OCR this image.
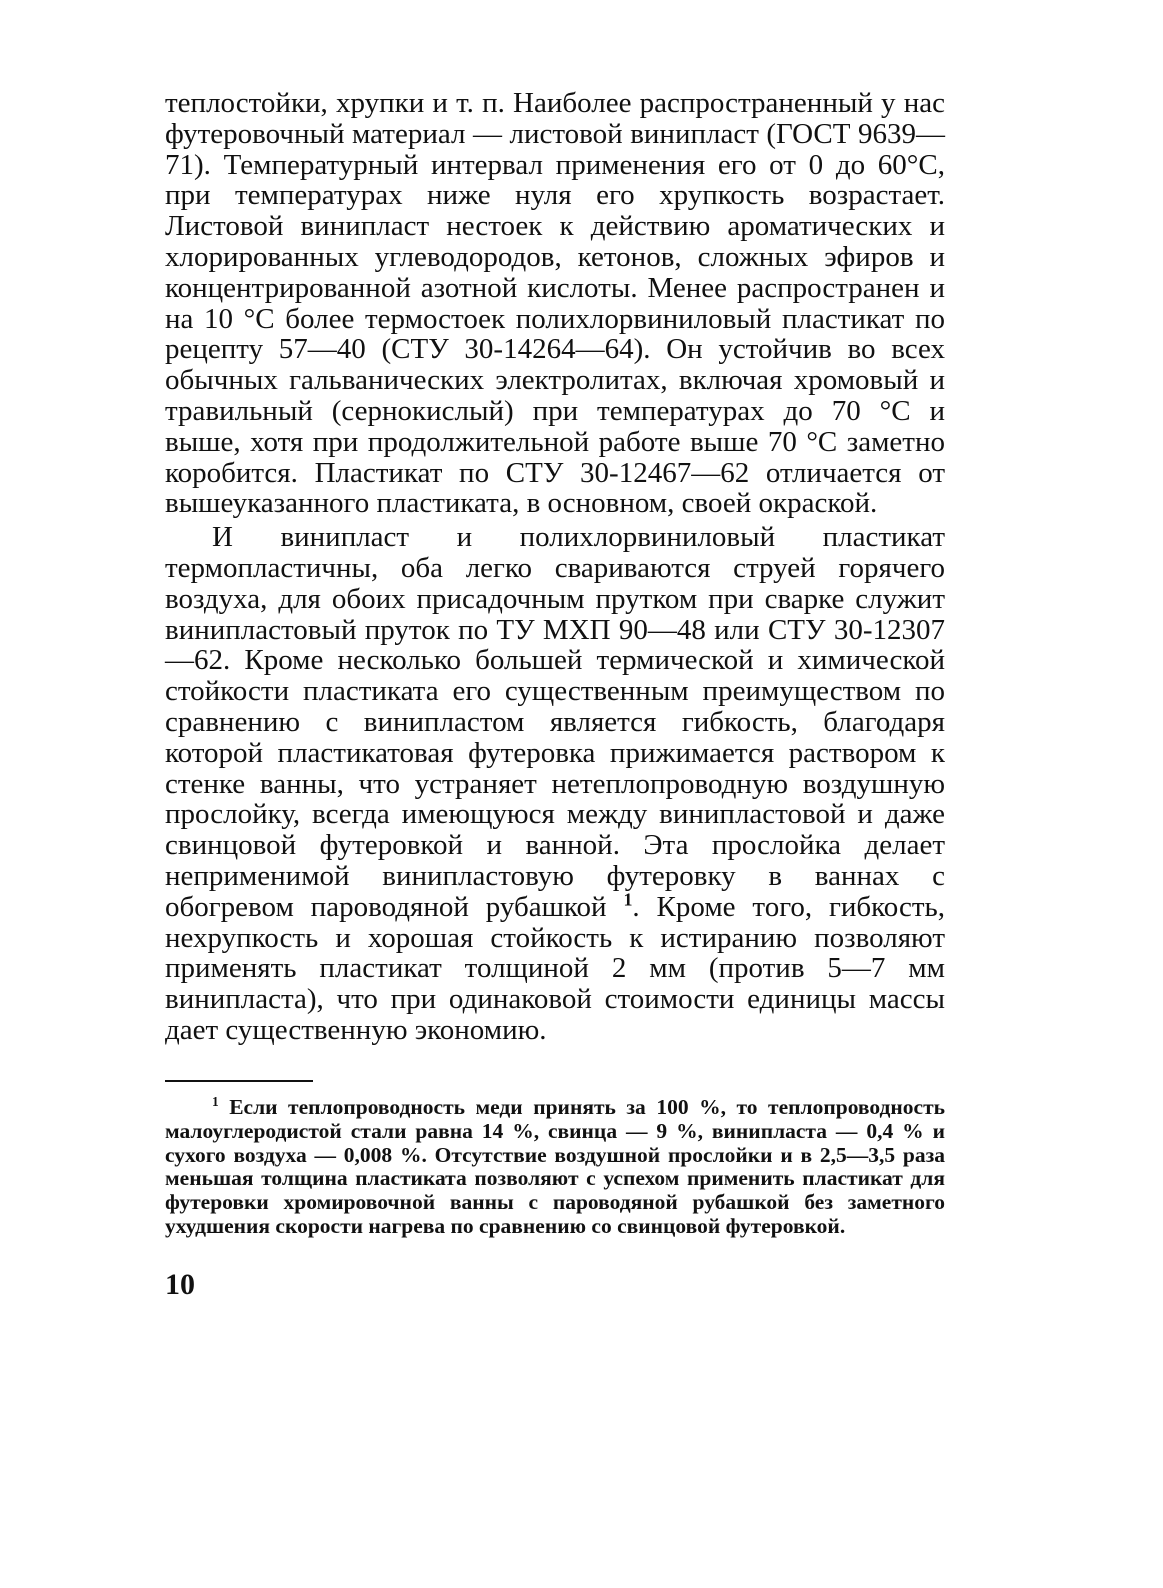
теплостойки, хрупки и т. п. Наиболее распространенный у нас футеровочный материал — листовой винипласт (ГОСТ 9639—71). Температурный интервал применения его от 0 до 60°С, при температурах ниже нуля его хрупкость возрастает. Листовой винипласт нестоек к действию ароматических и хлорированных углеводородов, кетонов, сложных эфиров и концентрированной азотной кислоты. Менее распространен и на 10 °С более термостоек полихлорвиниловый пластикат по рецепту 57—40 (СТУ 30-14264—64). Он устойчив во всех обычных гальванических электролитах, включая хромовый и травильный (сернокислый) при температурах до 70 °С и выше, хотя при продолжительной работе выше 70 °С заметно коробится. Пластикат по СТУ 30-12467—62 отличается от вышеуказанного пластиката, в основном, своей окраской.

И винипласт и полихлорвиниловый пластикат термопластичны, оба легко свариваются струей горячего воздуха, для обоих присадочным прутком при сварке служит винипластовый пруток по ТУ МХП 90—48 или СТУ 30-12307—62. Кроме несколько большей термической и химической стойкости пластиката его существенным преимуществом по сравнению с винипластом является гибкость, благодаря которой пластикатовая футеровка прижимается раствором к стенке ванны, что устраняет нетеплопроводную воздушную прослойку, всегда имеющуюся между винипластовой и даже свинцовой футеровкой и ванной. Эта прослойка делает неприменимой винипластовую футеровку в ваннах с обогревом пароводяной рубашкой $^1$. Кроме того, гибкость, нехрупкость и хорошая стойкость к истиранию позволяют применять пластикат толщиной 2 мм (против 5—7 мм винипласта), что при одинаковой стоимости единицы массы дает существенную экономию.

$^1$ Если теплопроводность меди принять за 100 %, то теплопроводность малоуглеродистой стали равна 14 %, свинца — 9 %, винипласта — 0,4 % и сухого воздуха — 0,008 %. Отсутствие воздушной прослойки и в 2,5—3,5 раза меньшая толщина пластиката позволяют с успехом применить пластикат для футеровки хромировочной ванны с пароводяной рубашкой без заметного ухудшения скорости нагрева по сравнению со свинцовой футеровкой.

10
